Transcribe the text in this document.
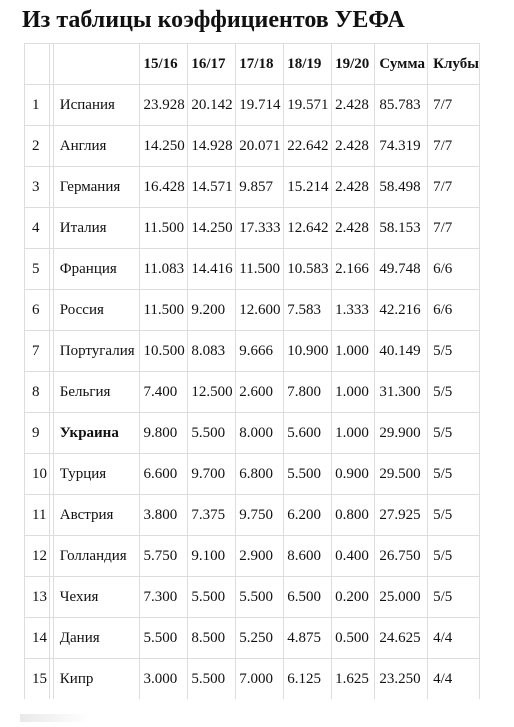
Из таблицы коэффициентов УЕФА
			15/16	16/17	17/18	18/19	19/20	Сумма	Клубы
1		Испания	23.928	20.142	19.714	19.571	2.428	85.783	7/7
2		Англия	14.250	14.928	20.071	22.642	2.428	74.319	7/7
3		Германия	16.428	14.571	9.857	15.214	2.428	58.498	7/7
4		Италия	11.500	14.250	17.333	12.642	2.428	58.153	7/7
5		Франция	11.083	14.416	11.500	10.583	2.166	49.748	6/6
6		Россия	11.500	9.200	12.600	7.583	1.333	42.216	6/6
7		Португалия	10.500	8.083	9.666	10.900	1.000	40.149	5/5
8		Бельгия	7.400	12.500	2.600	7.800	1.000	31.300	5/5
9		Украина	9.800	5.500	8.000	5.600	1.000	29.900	5/5
10		Турция	6.600	9.700	6.800	5.500	0.900	29.500	5/5
11		Австрия	3.800	7.375	9.750	6.200	0.800	27.925	5/5
12		Голландия	5.750	9.100	2.900	8.600	0.400	26.750	5/5
13		Чехия	7.300	5.500	5.500	6.500	0.200	25.000	5/5
14		Дания	5.500	8.500	5.250	4.875	0.500	24.625	4/4
15		Кипр	3.000	5.500	7.000	6.125	1.625	23.250	4/4
